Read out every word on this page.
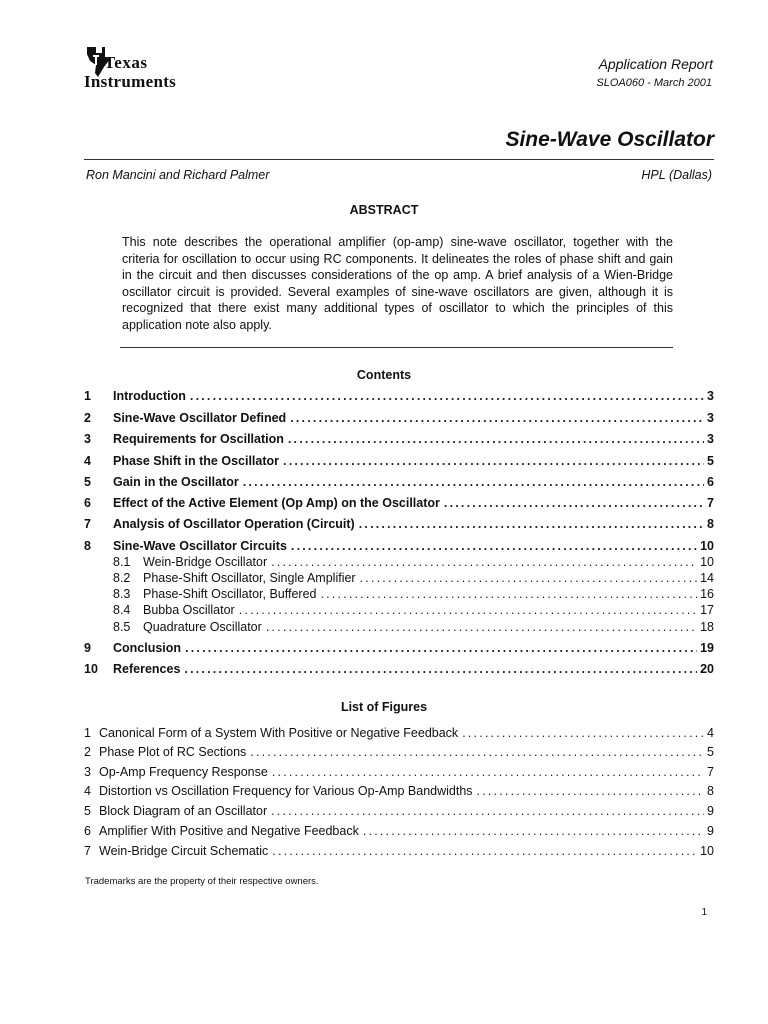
Texas
Instruments
Application Report
SLOA060 - March 2001
Sine-Wave Oscillator
Ron Mancini and Richard Palmer	HPL (Dallas)
ABSTRACT
This note describes the operational amplifier (op-amp) sine-wave oscillator, together with the criteria for oscillation to occur using RC components. It delineates the roles of phase shift and gain in the circuit and then discusses considerations of the op amp. A brief analysis of a Wien-Bridge oscillator circuit is provided. Several examples of sine-wave oscillators are given, although it is recognized that there exist many additional types of oscillator to which the principles of this application note also apply.
Contents
1	Introduction .....	3
2	Sine-Wave Oscillator Defined .....	3
3	Requirements for Oscillation .....	3
4	Phase Shift in the Oscillator .....	5
5	Gain in the Oscillator .....	6
6	Effect of the Active Element (Op Amp) on the Oscillator .....	7
7	Analysis of Oscillator Operation (Circuit) .....	8
8	Sine-Wave Oscillator Circuits .....	10
8.1	Wein-Bridge Oscillator .....	10
8.2	Phase-Shift Oscillator, Single Amplifier .....	14
8.3	Phase-Shift Oscillator, Buffered .....	16
8.4	Bubba Oscillator .....	17
8.5	Quadrature Oscillator .....	18
9	Conclusion .....	19
10	References .....	20
List of Figures
1 Canonical Form of a System With Positive or Negative Feedback .....	4
2 Phase Plot of RC Sections .....	5
3 Op-Amp Frequency Response .....	7
4 Distortion vs Oscillation Frequency for Various Op-Amp Bandwidths .....	8
5 Block Diagram of an Oscillator .....	9
6 Amplifier With Positive and Negative Feedback .....	9
7 Wein-Bridge Circuit Schematic .....	10
Trademarks are the property of their respective owners.
1
